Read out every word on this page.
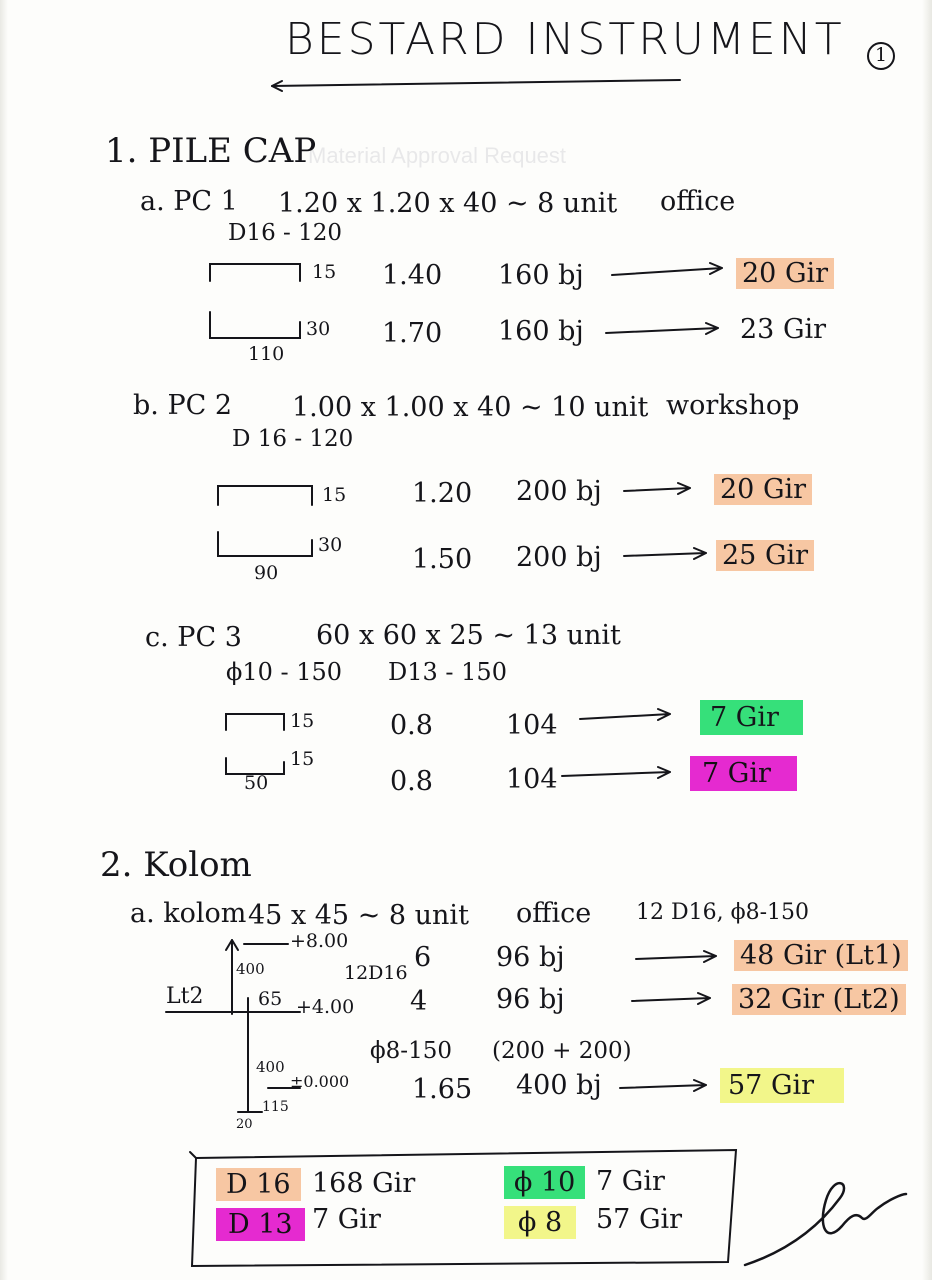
Material Approval Request
BESTARD INSTRUMENT 1
1. PILE CAP
a. PC 1 1.20 x 1.20 x 40 ~ 8 unit office
D16 - 120
15
30
110
1.40 160 bj	20 Gir
1.70 160 bj	23 Gir
b. PC 2 1.00 x 1.00 x 40 ~ 10 unit workshop
D 16 - 120
15
30
90
1.20 200 bj	20 Gir
1.50 200 bj	25 Gir
c. PC 3	60 x 60 x 25 ~ 13 unit
ϕ10 - 150 D13 - 150
15
15
50
0.8	104	7 Gir
0.8	104	7 Gir
2. Kolom
a. kolom 45 x 45 ~ 8 unit office 12 D16, ϕ8-150
+8.00
400	12D16
Lt2	65 +4.00
400
±0.000
115
20
6 96 bj	48 Gir (Lt1)
4	96 bj	32 Gir (Lt2)
ϕ8-150 (200 + 200)
1.65 400 bj	57 Gir
D 16 168 Gir	ϕ 10 7 Gir
D 13 7 Gir	ϕ 8	57 Gir
